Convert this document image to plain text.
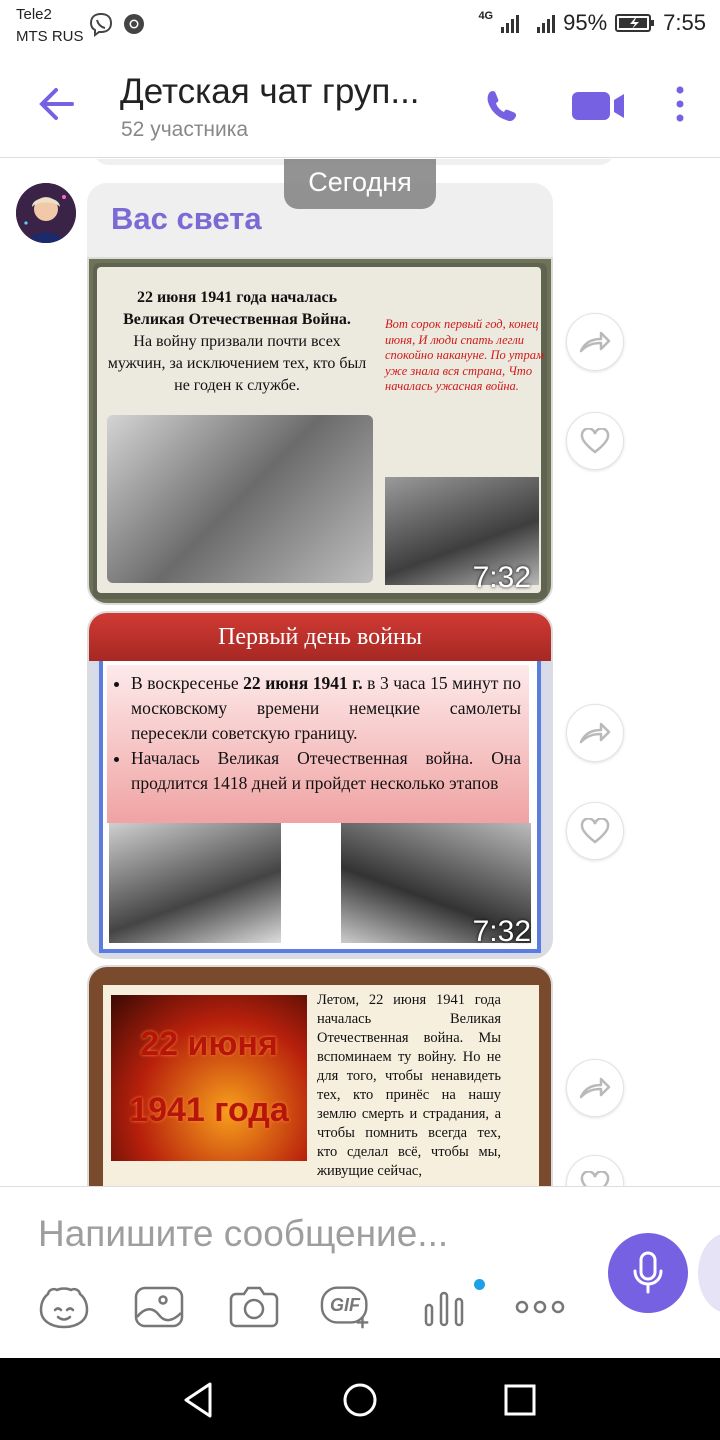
Tele2
MTS RUS
4G	95%	7:55
Детская чат груп...
52 участника
Сегодня
Вас света
22 июня 1941 года началась
Великая Отечественная Война.
На войну призвали почти всех мужчин, за исключением тех, кто был не годен к службе.
Вот сорок первый год, конец июня, И люди спать легли спокойно накануне. По утрам уже знала вся страна, Что началась ужасная война.
7:32
Первый день войны
• В воскресенье 22 июня 1941 г. в 3 часа 15 минут по московскому времени немецкие самолеты пересекли советскую границу.
• Началась Великая Отечественная война. Она продлится 1418 дней и пройдет несколько этапов
7:32
22 июня
1941 года
Летом, 22 июня 1941 года началась Великая Отечественная война. Мы вспоминаем ту войну. Но не для того, чтобы ненавидеть тех, кто принёс на нашу землю смерть и страдания, а чтобы помнить всегда тех, кто сделал всё, чтобы мы, живущие сейчас,
Напишите сообщение...
GIF
